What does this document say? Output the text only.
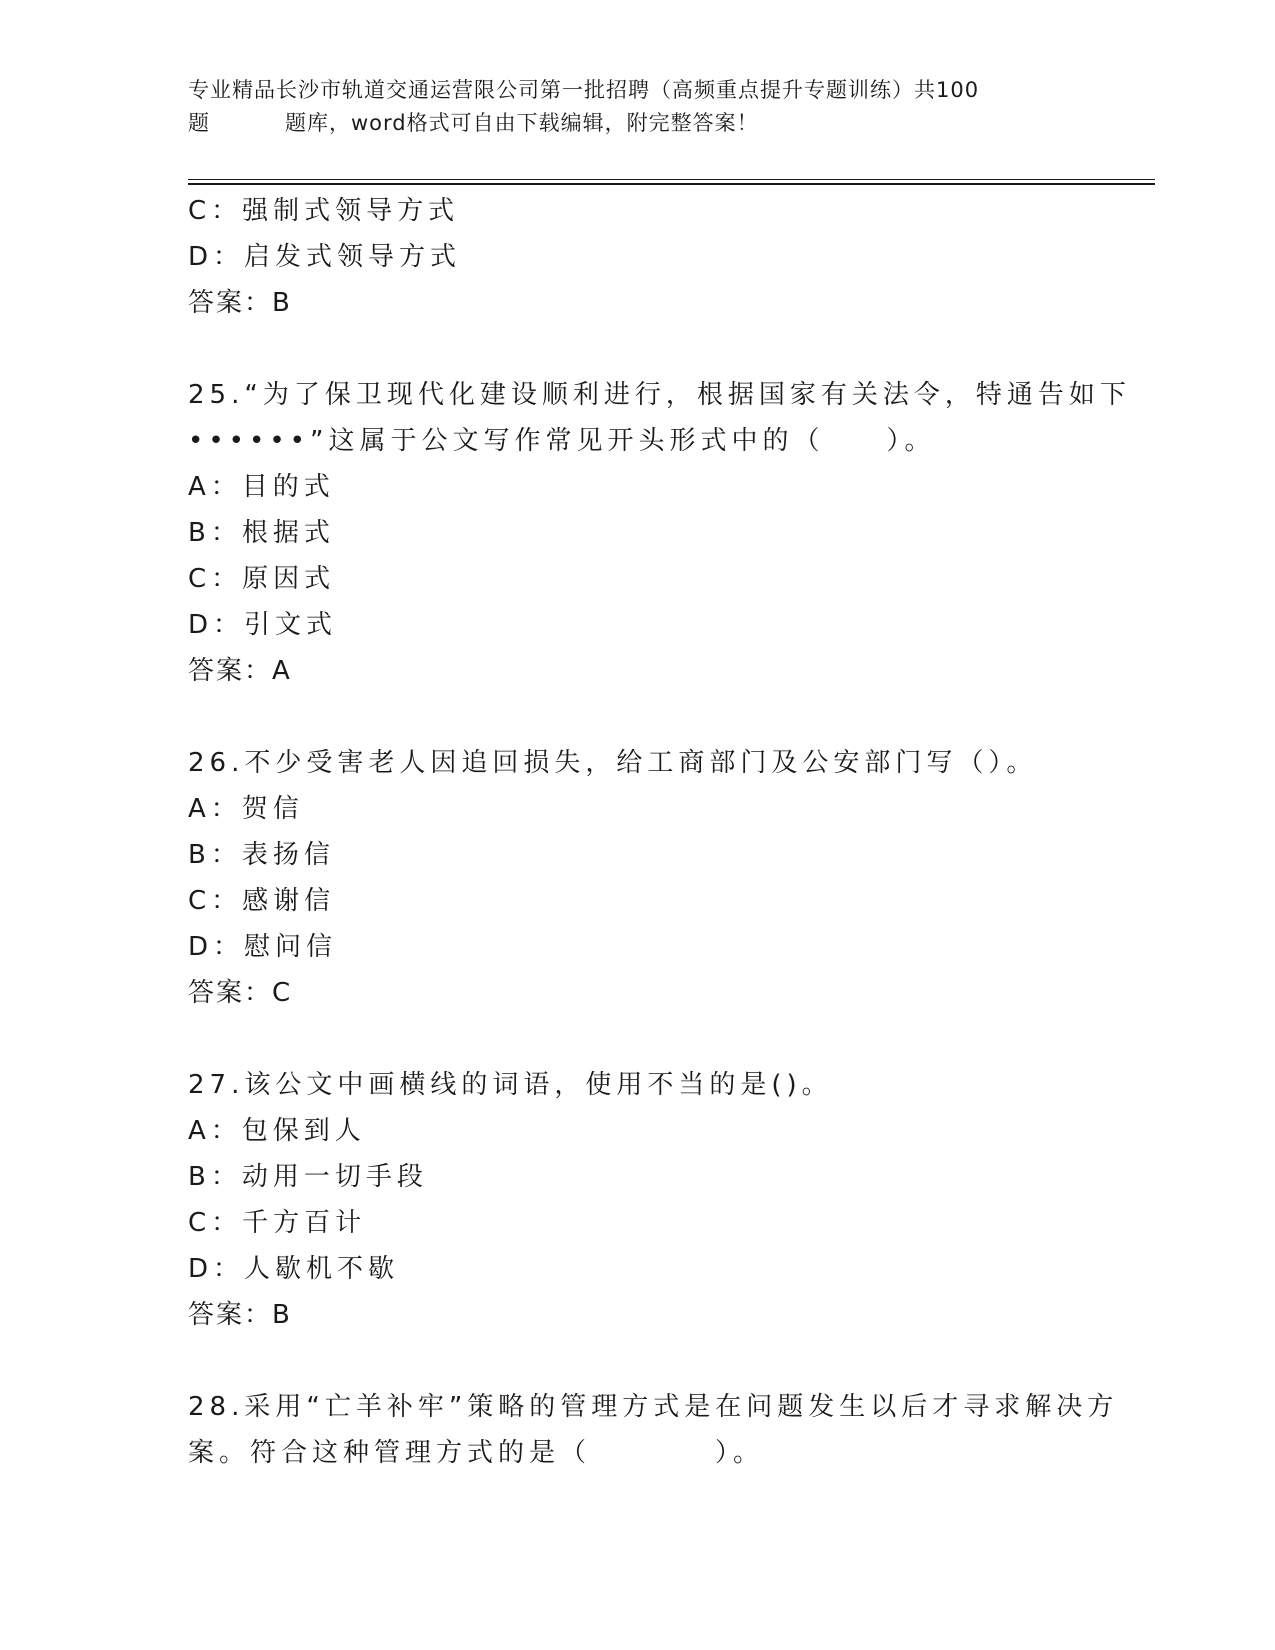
专业精品长沙市轨道交通运营限公司第一批招聘（高频重点提升专题训练）共100
题	题库，word格式可自由下载编辑，附完整答案！
C：强制式领导方式
D：启发式领导方式
答案：B
25.“为了保卫现代化建设顺利进行，根据国家有关法令，特通告如下
••••••”这属于公文写作常见开头形式中的（　　）。
A：目的式
B：根据式
C：原因式
D：引文式
答案：A
26.不少受害老人因追回损失，给工商部门及公安部门写（）。
A：贺信
B：表扬信
C：感谢信
D：慰问信
答案：C
27.该公文中画横线的词语，使用不当的是()。
A：包保到人
B：动用一切手段
C：千方百计
D：人歇机不歇
答案：B
28.采用“亡羊补牢”策略的管理方式是在问题发生以后才寻求解决方
案。符合这种管理方式的是（　　　　）。
